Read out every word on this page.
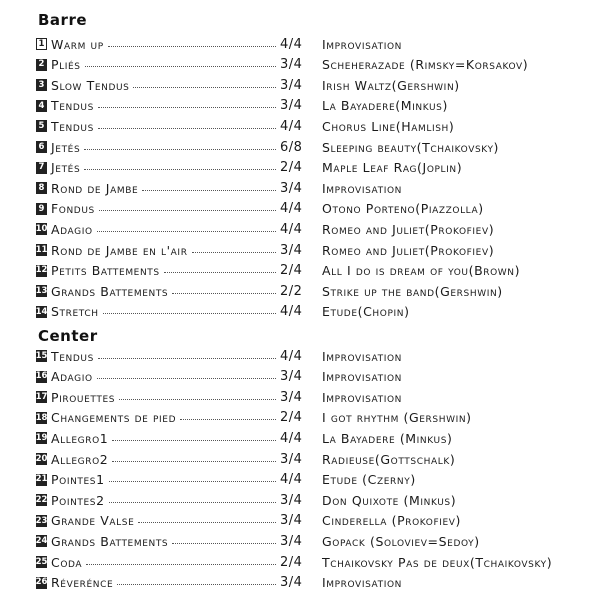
Barre
1 Warm up	4/4	Improvisation
2 Pliés	3/4	Scheherazade (Rimsky=Korsakov)
3 Slow Tendus	3/4	Irish Waltz(Gershwin)
4 Tendus	3/4	La Bayadere(Minkus)
5 Tendus	4/4	Chorus Line(Hamlish)
6 Jetés	6/8	Sleeping beauty(Tchaikovsky)
7 Jetés	2/4	Maple Leaf Rag(Joplin)
8 Rond de Jambe	3/4	Improvisation
9 Fondus	4/4	Otono Porteno(Piazzolla)
10 Adagio	4/4	Romeo and Juliet(Prokofiev)
11 Rond de Jambe en l'air	3/4	Romeo and Juliet(Prokofiev)
12 Petits Battements	2/4	All I do is dream of you(Brown)
13 Grands Battements	2/2	Strike up the band(Gershwin)
14 Stretch	4/4	Etude(Chopin)
Center
15 Tendus	4/4	Improvisation
16 Adagio	3/4	Improvisation
17 Pirouettes	3/4	Improvisation
18 Changements de pied	2/4	I got rhythm (Gershwin)
19 Allegro1	4/4	La Bayadere (Minkus)
20 Allegro2	3/4	Radieuse(Gottschalk)
21 Pointes1	4/4	Etude (Czerny)
22 Pointes2	3/4	Don Quixote (Minkus)
23 Grande Valse	3/4	Cinderella (Prokofiev)
24 Grands Battements	3/4	Gopack (Soloviev=Sedoy)
25 Coda	2/4	Tchaikovsky Pas de deux(Tchaikovsky)
26 Réverénce	3/4	Improvisation
